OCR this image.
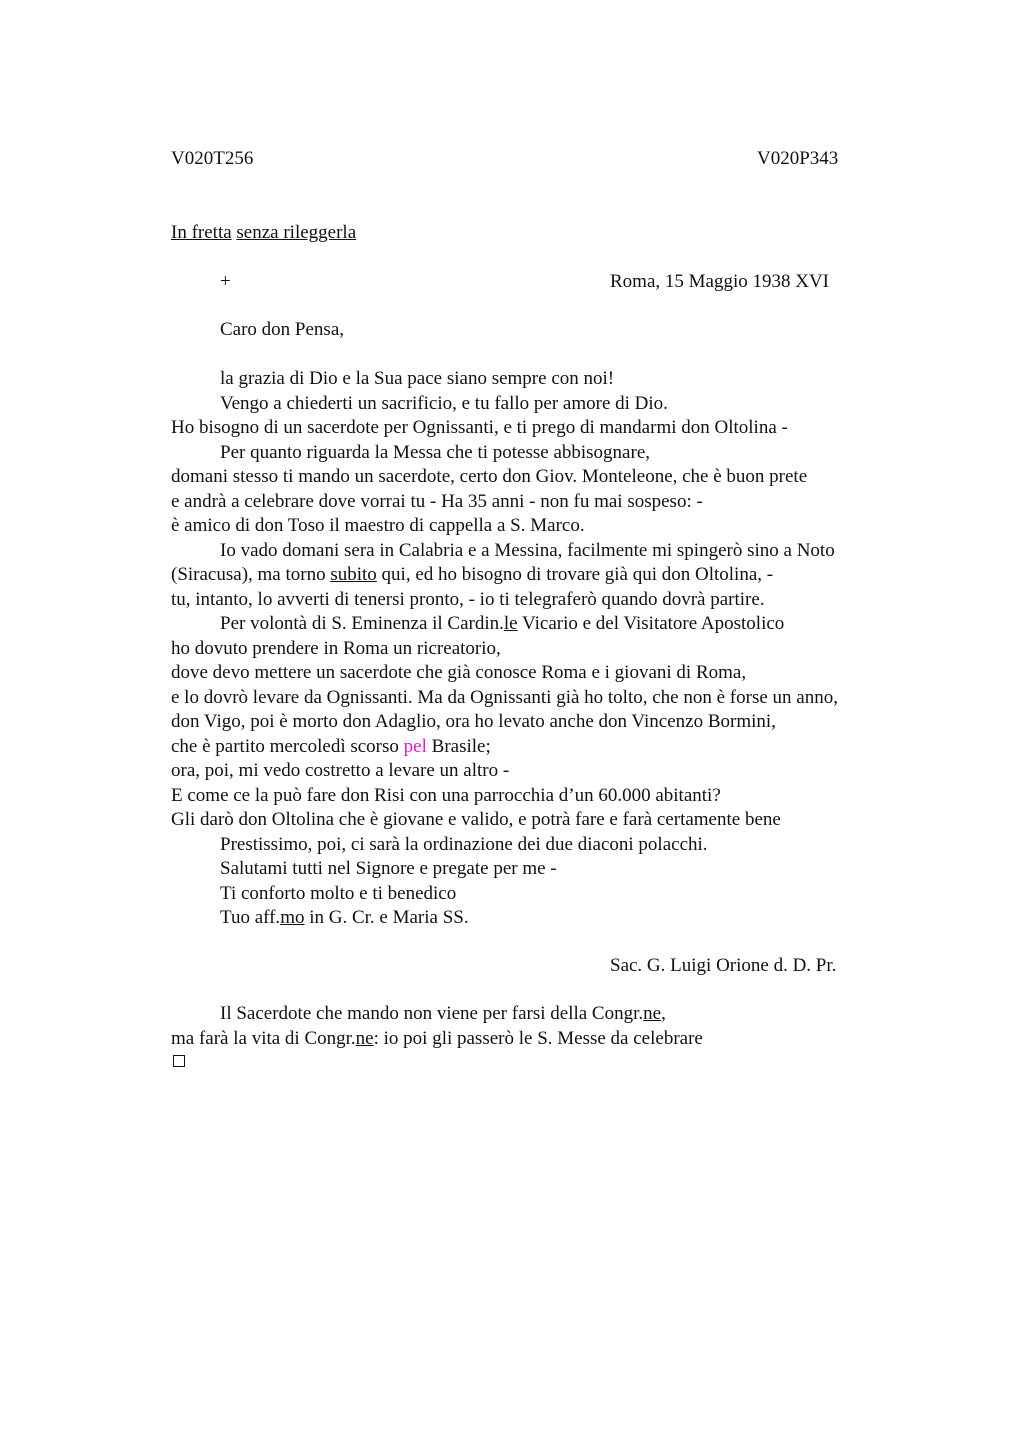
V020T256	V020P343
In fretta senza rileggerla
+	Roma, 15 Maggio 1938 XVI
Caro don Pensa,
la grazia di Dio e la Sua pace siano sempre con noi!
Vengo a chiederti un sacrificio, e tu fallo per amore di Dio.
Ho bisogno di un sacerdote per Ognissanti, e ti prego di mandarmi don Oltolina -
Per quanto riguarda la Messa che ti potesse abbisognare,
domani stesso ti mando un sacerdote, certo don Giov. Monteleone, che è buon prete
e andrà a celebrare dove vorrai tu - Ha 35 anni - non fu mai sospeso: -
è amico di don Toso il maestro di cappella a S. Marco.
Io vado domani sera in Calabria e a Messina, facilmente mi spingerò sino a Noto
(Siracusa), ma torno subito qui, ed ho bisogno di trovare già qui don Oltolina, -
tu, intanto, lo avverti di tenersi pronto, - io ti telegraferò quando dovrà partire.
Per volontà di S. Eminenza il Cardin.le Vicario e del Visitatore Apostolico
ho dovuto prendere in Roma un ricreatorio,
dove devo mettere un sacerdote che già conosce Roma e i giovani di Roma,
e lo dovrò levare da Ognissanti. Ma da Ognissanti già ho tolto, che non è forse un anno,
don Vigo, poi è morto don Adaglio, ora ho levato anche don Vincenzo Bormini,
che è partito mercoledì scorso pel Brasile;
ora, poi, mi vedo costretto a levare un altro -
E come ce la può fare don Risi con una parrocchia d’un 60.000 abitanti?
Gli darò don Oltolina che è giovane e valido, e potrà fare e farà certamente bene
Prestissimo, poi, ci sarà la ordinazione dei due diaconi polacchi.
Salutami tutti nel Signore e pregate per me -
Ti conforto molto e ti benedico
Tuo aff.mo in G. Cr. e Maria SS.
Sac. G. Luigi Orione d. D. Pr.
Il Sacerdote che mando non viene per farsi della Congr.ne,
ma farà la vita di Congr.ne: io poi gli passerò le S. Messe da celebrare
